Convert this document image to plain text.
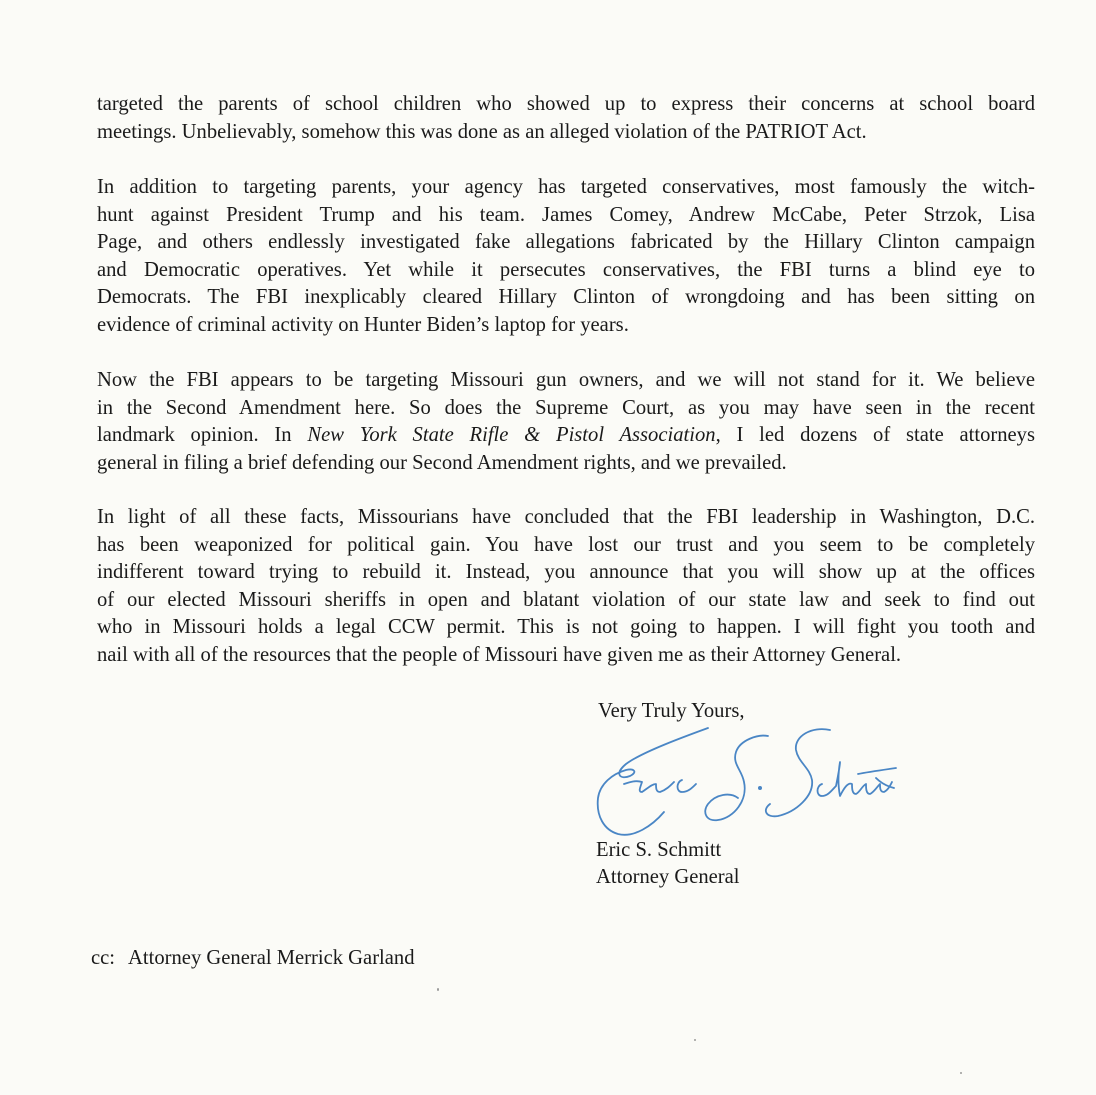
targeted the parents of school children who showed up to express their concerns at school board
meetings. Unbelievably, somehow this was done as an alleged violation of the PATRIOT Act.
In addition to targeting parents, your agency has targeted conservatives, most famously the witch-
hunt against President Trump and his team. James Comey, Andrew McCabe, Peter Strzok, Lisa
Page, and others endlessly investigated fake allegations fabricated by the Hillary Clinton campaign
and Democratic operatives. Yet while it persecutes conservatives, the FBI turns a blind eye to
Democrats. The FBI inexplicably cleared Hillary Clinton of wrongdoing and has been sitting on
evidence of criminal activity on Hunter Biden’s laptop for years.
Now the FBI appears to be targeting Missouri gun owners, and we will not stand for it. We believe
in the Second Amendment here. So does the Supreme Court, as you may have seen in the recent
landmark opinion. In New York State Rifle & Pistol Association, I led dozens of state attorneys
general in filing a brief defending our Second Amendment rights, and we prevailed.
In light of all these facts, Missourians have concluded that the FBI leadership in Washington, D.C.
has been weaponized for political gain. You have lost our trust and you seem to be completely
indifferent toward trying to rebuild it. Instead, you announce that you will show up at the offices
of our elected Missouri sheriffs in open and blatant violation of our state law and seek to find out
who in Missouri holds a legal CCW permit. This is not going to happen. I will fight you tooth and
nail with all of the resources that the people of Missouri have given me as their Attorney General.
Very Truly Yours,
Eric S. Schmitt
Attorney General
cc: Attorney General Merrick Garland
